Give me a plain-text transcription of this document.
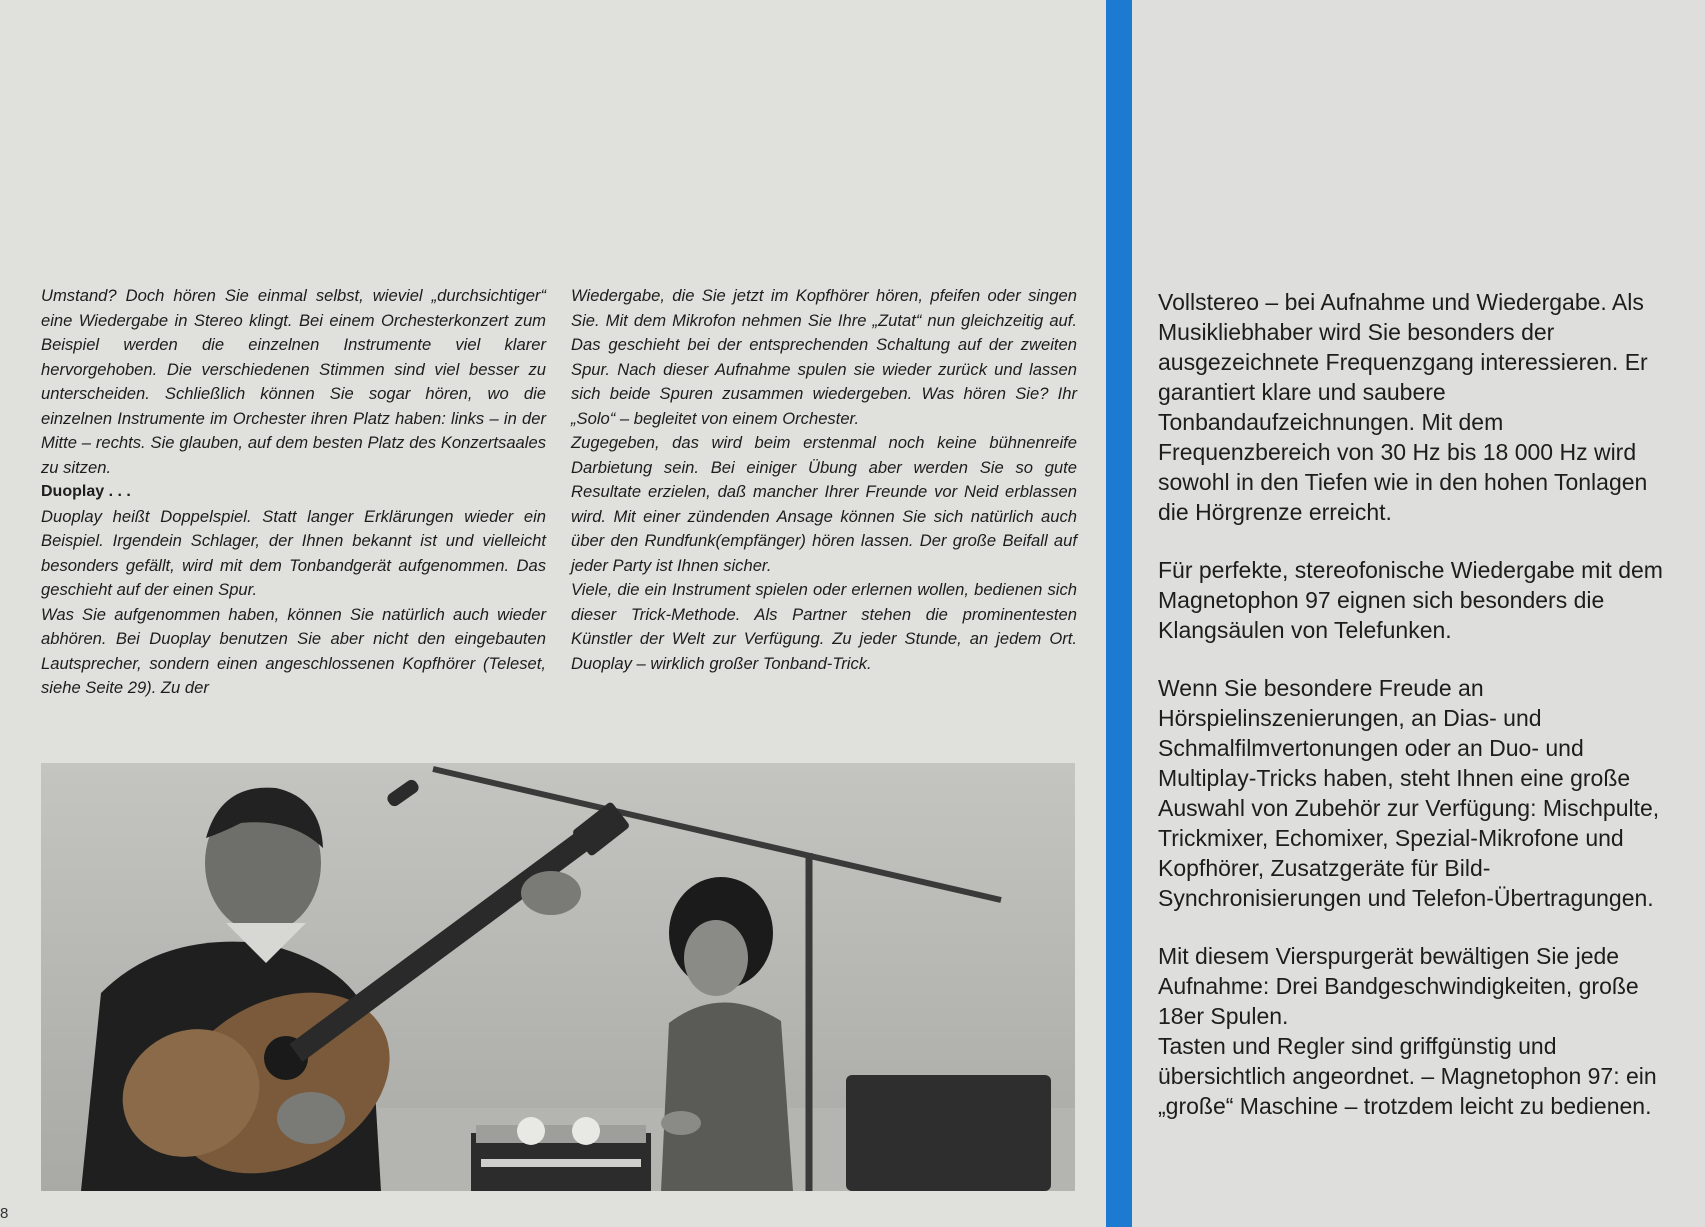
Umstand? Doch hören Sie einmal selbst, wieviel „durchsichtiger“ eine Wiedergabe in Stereo klingt. Bei einem Orchesterkonzert zum Beispiel werden die einzelnen Instrumente viel klarer hervorgehoben. Die verschiedenen Stimmen sind viel besser zu unterscheiden. Schließlich können Sie sogar hören, wo die einzelnen Instrumente im Orchester ihren Platz haben: links – in der Mitte – rechts. Sie glauben, auf dem besten Platz des Konzertsaales zu sitzen.

Duoplay . . .

Duoplay heißt Doppelspiel. Statt langer Erklärungen wieder ein Beispiel. Irgendein Schlager, der Ihnen bekannt ist und vielleicht besonders gefällt, wird mit dem Tonbandgerät aufgenommen. Das geschieht auf der einen Spur.

Was Sie aufgenommen haben, können Sie natürlich auch wieder abhören. Bei Duoplay benutzen Sie aber nicht den eingebauten Lautsprecher, sondern einen angeschlossenen Kopfhörer (Teleset, siehe Seite 29). Zu der

Wiedergabe, die Sie jetzt im Kopfhörer hören, pfeifen oder singen Sie. Mit dem Mikrofon nehmen Sie Ihre „Zutat“ nun gleichzeitig auf. Das geschieht bei der entsprechenden Schaltung auf der zweiten Spur. Nach dieser Aufnahme spulen sie wieder zurück und lassen sich beide Spuren zusammen wiedergeben. Was hören Sie? Ihr „Solo“ – begleitet von einem Orchester.

Zugegeben, das wird beim erstenmal noch keine bühnenreife Darbietung sein. Bei einiger Übung aber werden Sie so gute Resultate erzielen, daß mancher Ihrer Freunde vor Neid erblassen wird. Mit einer zündenden Ansage können Sie sich natürlich auch über den Rundfunk(empfänger) hören lassen. Der große Beifall auf jeder Party ist Ihnen sicher.

Viele, die ein Instrument spielen oder erlernen wollen, bedienen sich dieser Trick-Methode. Als Partner stehen die prominentesten Künstler der Welt zur Verfügung. Zu jeder Stunde, an jedem Ort. Duoplay – wirklich großer Tonband-Trick.

8

Vollstereo – bei Aufnahme und Wiedergabe. Als Musikliebhaber wird Sie besonders der ausgezeichnete Frequenzgang interessieren. Er garantiert klare und saubere Tonbandaufzeichnungen. Mit dem Frequenzbereich von 30 Hz bis 18 000 Hz wird sowohl in den Tiefen wie in den hohen Tonlagen die Hörgrenze erreicht.

Für perfekte, stereofonische Wiedergabe mit dem Magnetophon 97 eignen sich besonders die Klangsäulen von Telefunken.

Wenn Sie besondere Freude an Hörspielinszenierungen, an Dias- und Schmalfilmvertonungen oder an Duo- und Multiplay-Tricks haben, steht Ihnen eine große Auswahl von Zubehör zur Verfügung: Mischpulte, Trickmixer, Echomixer, Spezial-Mikrofone und Kopfhörer, Zusatzgeräte für Bild-Synchronisierungen und Telefon-Übertragungen.

Mit diesem Vierspurgerät bewältigen Sie jede Aufnahme: Drei Bandgeschwindigkeiten, große 18er Spulen.

Tasten und Regler sind griffgünstig und übersichtlich angeordnet. – Magnetophon 97: ein „große“ Maschine – trotzdem leicht zu bedienen.
